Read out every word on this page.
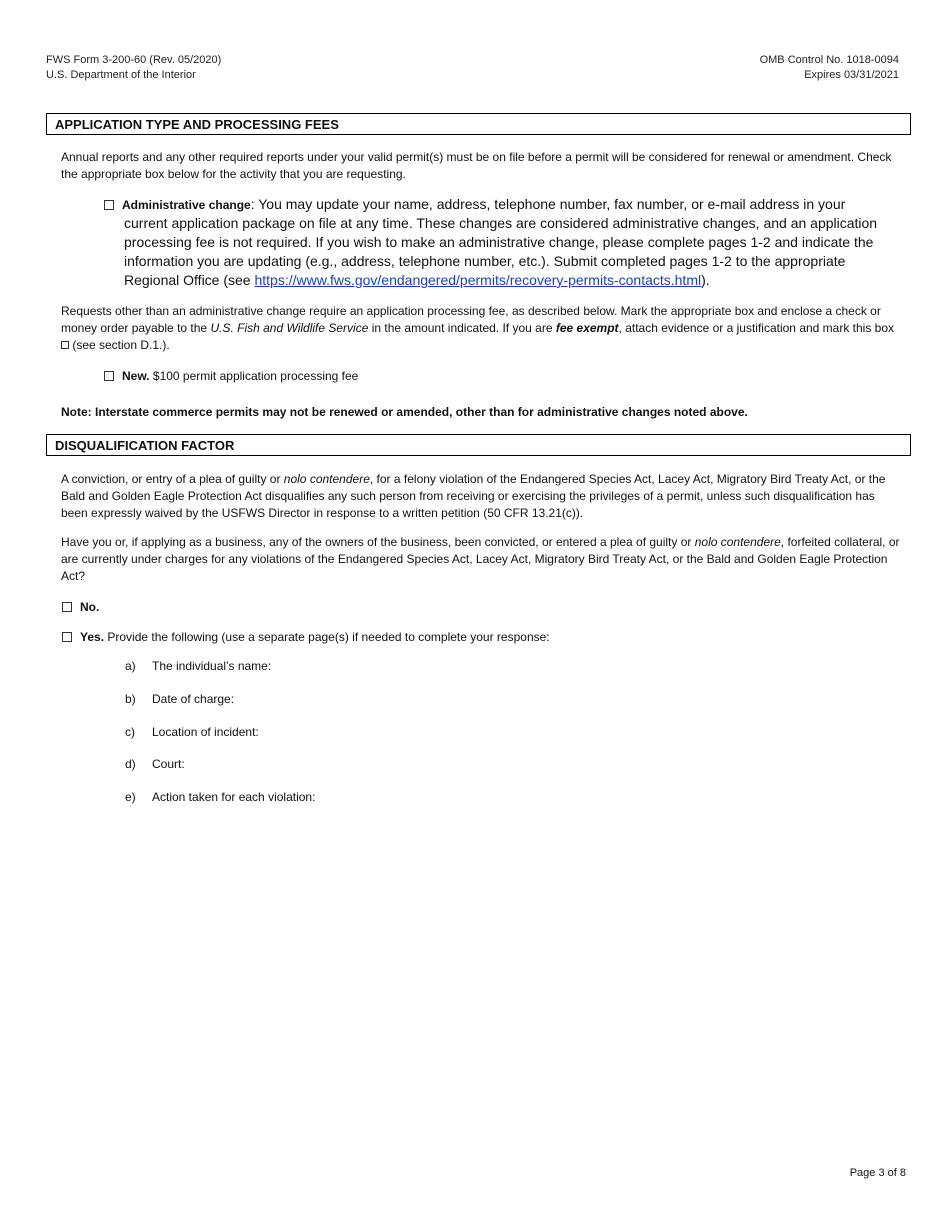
FWS Form 3-200-60 (Rev. 05/2020)
U.S. Department of the Interior
OMB Control No. 1018-0094
Expires 03/31/2021
APPLICATION TYPE AND PROCESSING FEES
Annual reports and any other required reports under your valid permit(s) must be on file before a permit will be considered for renewal or amendment. Check the appropriate box below for the activity that you are requesting.
Administrative change: You may update your name, address, telephone number, fax number, or e-mail address in your
current application package on file at any time. These changes are considered administrative changes, and an application processing fee is not required. If you wish to make an administrative change, please complete pages 1-2 and indicate the information you are updating (e.g., address, telephone number, etc.). Submit completed pages 1-2 to the appropriate Regional Office (see https://www.fws.gov/endangered/permits/recovery-permits-contacts.html).
Requests other than an administrative change require an application processing fee, as described below. Mark the appropriate box and enclose a check or money order payable to the U.S. Fish and Wildlife Service in the amount indicated. If you are fee exempt, attach evidence or a justification and mark this box  (see section D.1.).
New. $100 permit application processing fee
Note: Interstate commerce permits may not be renewed or amended, other than for administrative changes noted above.
DISQUALIFICATION FACTOR
A conviction, or entry of a plea of guilty or nolo contendere, for a felony violation of the Endangered Species Act, Lacey Act, Migratory Bird Treaty Act, or the Bald and Golden Eagle Protection Act disqualifies any such person from receiving or exercising the privileges of a permit, unless such disqualification has been expressly waived by the USFWS Director in response to a written petition (50 CFR 13.21(c)).
Have you or, if applying as a business, any of the owners of the business, been convicted, or entered a plea of guilty or nolo contendere, forfeited collateral, or are currently under charges for any violations of the Endangered Species Act, Lacey Act, Migratory Bird Treaty Act, or the Bald and Golden Eagle Protection Act?
No.
Yes. Provide the following (use a separate page(s) if needed to complete your response:
a) The individual’s name:
b) Date of charge:
c) Location of incident:
d) Court:
e) Action taken for each violation:
Page 3 of 8
